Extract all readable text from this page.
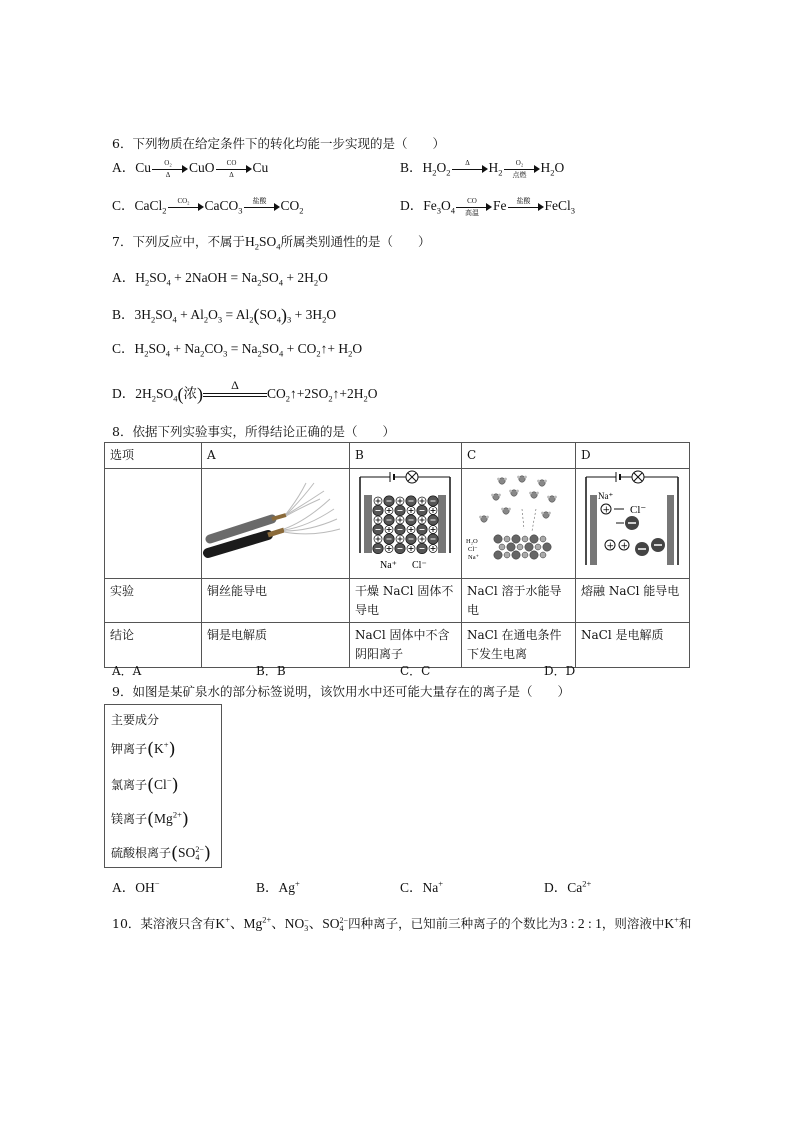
6．下列物质在给定条件下的转化均能一步实现的是（　　）
A．Cu $\frac{\text{O₂}}{\Delta}$ CuO $\frac{CO}{\Delta}$ Cu	B．$H_2O_2$
Δ	$H_2$
O₂
点燃	$H_2O$
C．CaCl$_2$
CO₂	CaCO$_3$
盐酸	$CO_2$	D．$Fe_3O_4$
CO
高温	Fe	盐酸	FeCl$_3$
7．下列反应中，不属于$H_2SO_4$所属类别通性的是（　　）
A．$H_2SO_4$ + 2NaOH = $Na_2SO_4 + 2H_2O$
B．$3H_2SO_4 + Al_2O_3 = Al_2(SO_4)_3 + 3H_2O$
C．$H_2SO_4 + Na_2CO_3 = Na_2SO_4$ + $CO_2↑+ H_2O$
D．$2H_2SO_4$(浓)	Δ
$CO_2↑+2SO_2↑+2H_2O$
8．依据下列实验事实，所得结论正确的是（　　）
选项	A	B	C	D

Na⁺ Cl⁻	H₂O
Cl⁻
Na⁺	Na⁺
+ Cl⁻
+ +

实验	铜丝能导电	干燥 NaCl 固体不导电	NaCl 溶于水能导电	熔融 NaCl 能导电
结论	铜是电解质	NaCl 固体中不含阴阳离子	NaCl 在通电条件下发生电离	NaCl 是电解质
A．A	B．B	C．C	D．D
9．如图是某矿泉水的部分标签说明，该饮用水中还可能大量存在的离子是（　　）
主要成分
钾离子(K+)
氯离子(Cl−)
镁离子$(Mg^{2+})$
硫酸根离子(SO2−
4 )
A．OH−	B．Ag+	C．Na+	D．$Ca^{2+}$
10．某溶液只含有K+、$Mg^{2+}$、NO−
3、SO2−
4 四种离子，已知前三种离子的个数比为3 : 2 : 1，则溶液中K+和
